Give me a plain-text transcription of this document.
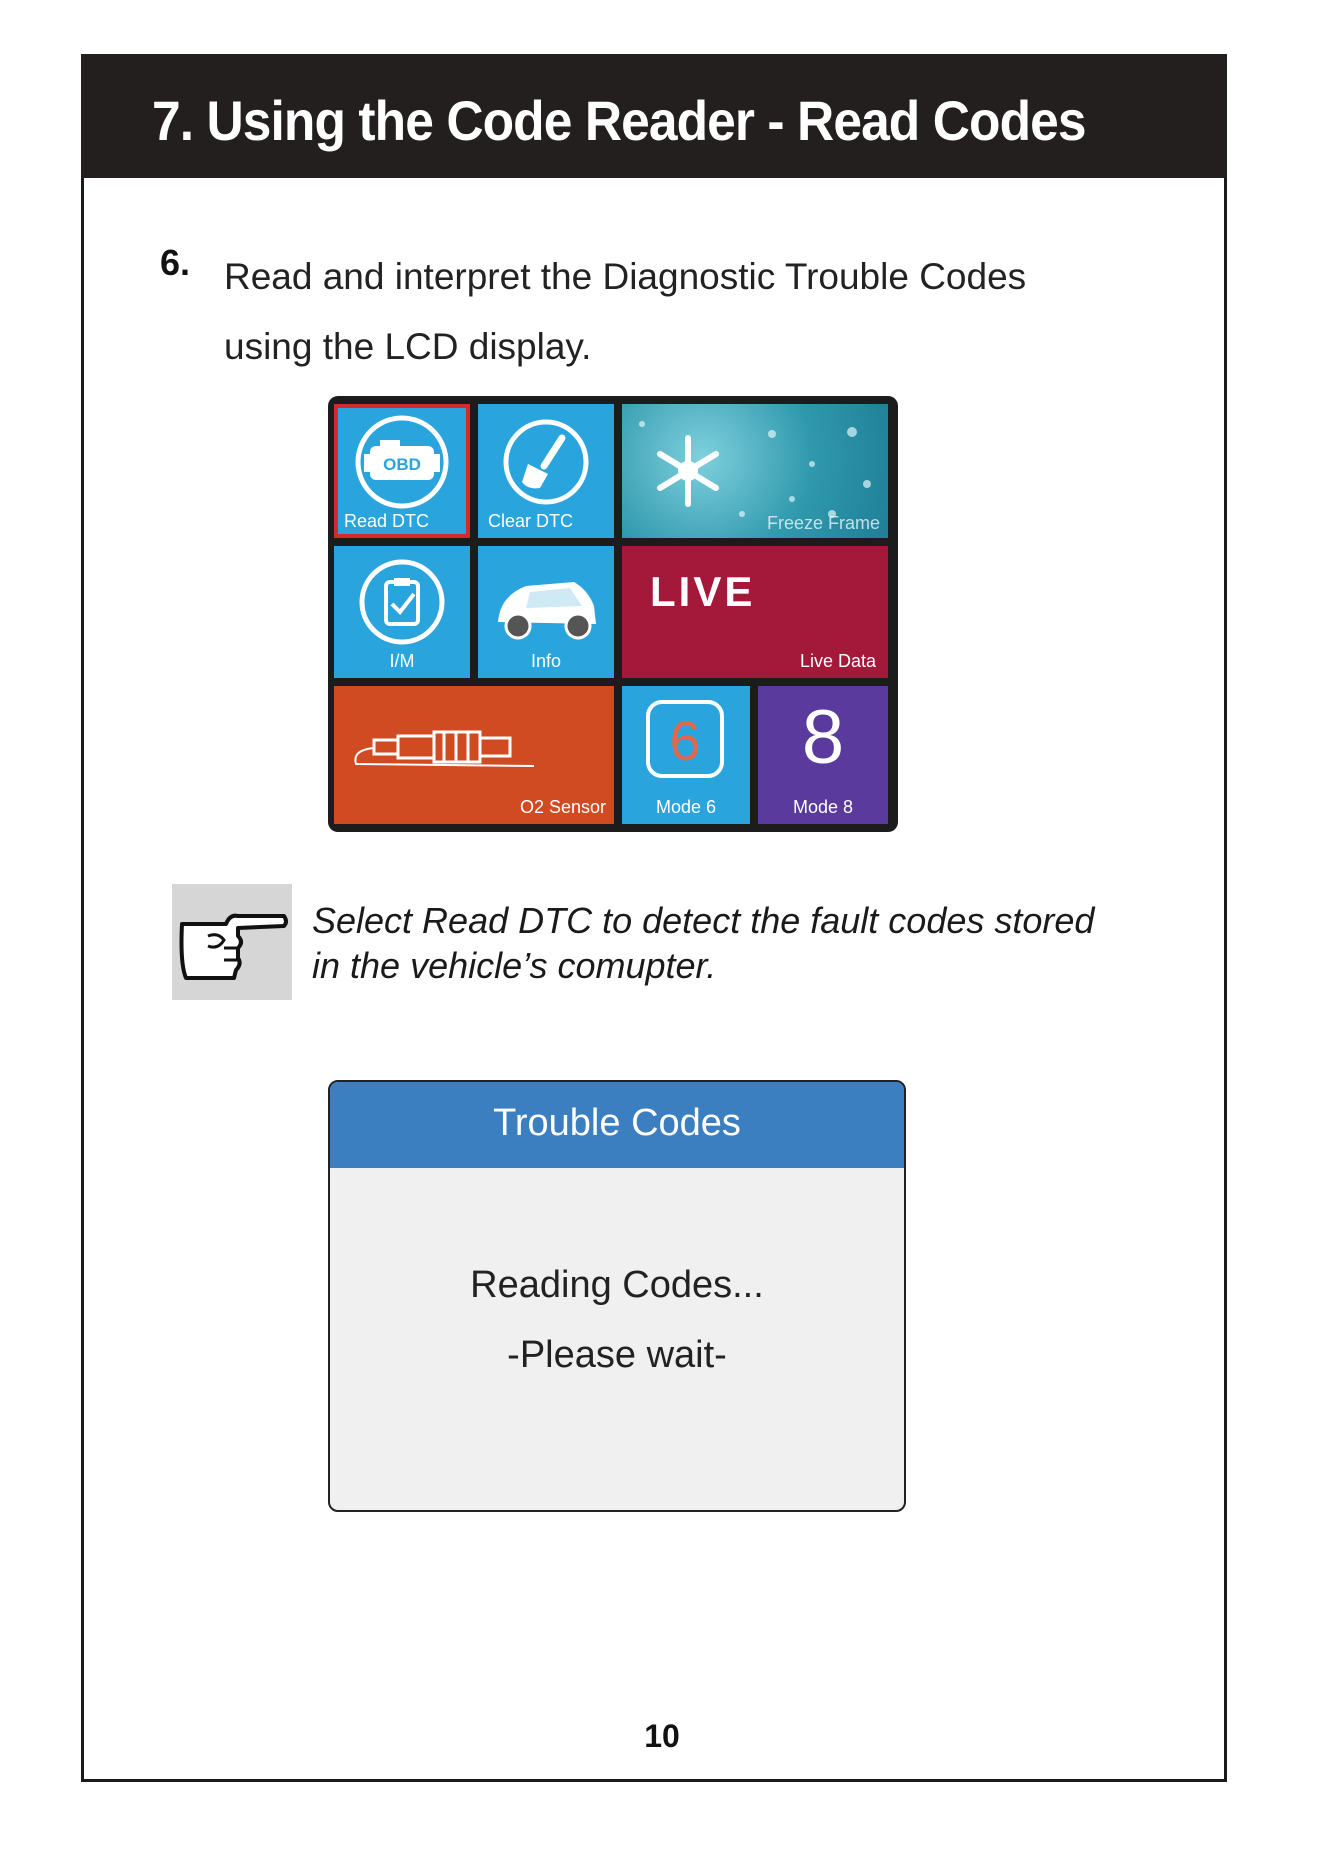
7. Using the Code Reader - Read Codes
6. Read and interpret the Diagnostic Trouble Codes
using the LCD display.
OBD
Read DTC	Clear DTC	Freeze Frame
I/M	Info
LIVE
Live Data
O2 Sensor
6
Mode 6
8
Mode 8
Select Read DTC to detect the fault codes stored
in the vehicle’s comupter.
Trouble Codes
Reading Codes...
-Please wait-
10
